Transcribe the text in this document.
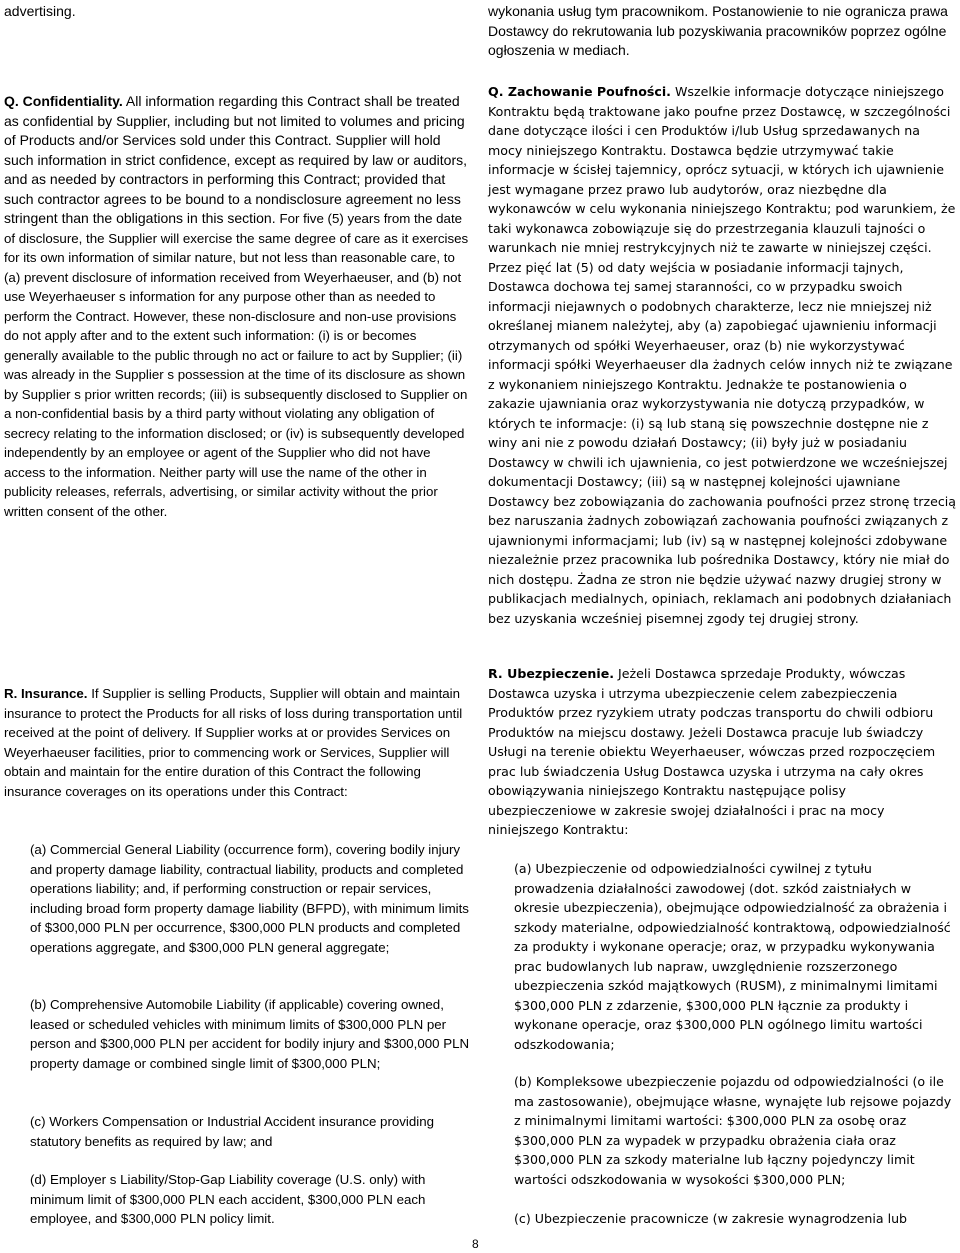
advertising.

Q. Confidentiality. All information regarding this Contract shall be treated as confidential by Supplier, including but not limited to volumes and pricing of Products and/or Services sold under this Contract. Supplier will hold such information in strict confidence, except as required by law or auditors, and as needed by contractors in performing this Contract; provided that such contractor agrees to be bound to a nondisclosure agreement no less stringent than the obligations in this section. For five (5) years from the date of disclosure, the Supplier will exercise the same degree of care as it exercises for its own information of similar nature, but not less than reasonable care, to (a) prevent disclosure of information received from Weyerhaeuser, and (b) not use Weyerhaeuser s information for any purpose other than as needed to perform the Contract. However, these non-disclosure and non-use provisions do not apply after and to the extent such information: (i) is or becomes generally available to the public through no act or failure to act by Supplier; (ii) was already in the Supplier s possession at the time of its disclosure as shown by Supplier s prior written records; (iii) is subsequently disclosed to Supplier on a non-confidential basis by a third party without violating any obligation of secrecy relating to the information disclosed; or (iv) is subsequently developed independently by an employee or agent of the Supplier who did not have access to the information. Neither party will use the name of the other in publicity releases, referrals, advertising, or similar activity without the prior written consent of the other.

R. Insurance. If Supplier is selling Products, Supplier will obtain and maintain insurance to protect the Products for all risks of loss during transportation until received at the point of delivery. If Supplier works at or provides Services on Weyerhaeuser facilities, prior to commencing work or Services, Supplier will obtain and maintain for the entire duration of this Contract the following insurance coverages on its operations under this Contract:

(a) Commercial General Liability (occurrence form), covering bodily injury and property damage liability, contractual liability, products and completed operations liability; and, if performing construction or repair services, including broad form property damage liability (BFPD), with minimum limits of $300,000 PLN per occurrence, $300,000 PLN products and completed operations aggregate, and $300,000 PLN general aggregate;

(b) Comprehensive Automobile Liability (if applicable) covering owned, leased or scheduled vehicles with minimum limits of $300,000 PLN per person and $300,000 PLN per accident for bodily injury and $300,000 PLN property damage or combined single limit of $300,000 PLN;

(c) Workers Compensation or Industrial Accident insurance providing statutory benefits as required by law; and

(d) Employer s Liability/Stop-Gap Liability coverage (U.S. only) with minimum limit of $300,000 PLN each accident, $300,000 PLN each employee, and $300,000 PLN policy limit.

wykonania usług tym pracownikom. Postanowienie to nie ogranicza prawa Dostawcy do rekrutowania lub pozyskiwania pracowników poprzez ogólne ogłoszenia w mediach.

Q. Zachowanie Poufności. Wszelkie informacje dotyczące niniejszego Kontraktu będą traktowane jako poufne przez Dostawcę, w szczególności dane dotyczące ilości i cen Produktów i/lub Usług sprzedawanych na mocy niniejszego Kontraktu. Dostawca będzie utrzymywać takie informacje w ścisłej tajemnicy, oprócz sytuacji, w których ich ujawnienie jest wymagane przez prawo lub audytorów, oraz niezbędne dla wykonawców w celu wykonania niniejszego Kontraktu; pod warunkiem, że taki wykonawca zobowiązuje się do przestrzegania klauzuli tajności o warunkach nie mniej restrykcyjnych niż te zawarte w niniejszej części. Przez pięć lat (5) od daty wejścia w posiadanie informacji tajnych, Dostawca dochowa tej samej staranności, co w przypadku swoich informacji niejawnych o podobnych charakterze, lecz nie mniejszej niż określanej mianem należytej, aby (a) zapobiegać ujawnieniu informacji otrzymanych od spółki Weyerhaeuser, oraz (b) nie wykorzystywać informacji spółki Weyerhaeuser dla żadnych celów innych niż te związane z wykonaniem niniejszego Kontraktu. Jednakże te postanowienia o zakazie ujawniania oraz wykorzystywania nie dotyczą przypadków, w których te informacje: (i) są lub staną się powszechnie dostępne nie z winy ani nie z powodu działań Dostawcy; (ii) były już w posiadaniu Dostawcy w chwili ich ujawnienia, co jest potwierdzone we wcześniejszej dokumentacji Dostawcy; (iii) są w następnej kolejności ujawniane Dostawcy bez zobowiązania do zachowania poufności przez stronę trzecią bez naruszania żadnych zobowiązań zachowania poufności związanych z ujawnionymi informacjami; lub (iv) są w następnej kolejności zdobywane niezależnie przez pracownika lub pośrednika Dostawcy, który nie miał do nich dostępu. Żadna ze stron nie będzie używać nazwy drugiej strony w publikacjach medialnych, opiniach, reklamach ani podobnych działaniach bez uzyskania wcześniej pisemnej zgody tej drugiej strony.

R. Ubezpieczenie. Jeżeli Dostawca sprzedaje Produkty, wówczas Dostawca uzyska i utrzyma ubezpieczenie celem zabezpieczenia Produktów przez ryzykiem utraty podczas transportu do chwili odbioru Produktów na miejscu dostawy. Jeżeli Dostawca pracuje lub świadczy Usługi na terenie obiektu Weyerhaeuser, wówczas przed rozpoczęciem prac lub świadczenia Usług Dostawca uzyska i utrzyma na cały okres obowiązywania niniejszego Kontraktu następujące polisy ubezpieczeniowe w zakresie swojej działalności i prac na mocy niniejszego Kontraktu:

(a) Ubezpieczenie od odpowiedzialności cywilnej z tytułu prowadzenia działalności zawodowej (dot. szkód zaistniałych w okresie ubezpieczenia), obejmujące odpowiedzialność za obrażenia i szkody materialne, odpowiedzialność kontraktową, odpowiedzialność za produkty i wykonane operacje; oraz, w przypadku wykonywania prac budowlanych lub napraw, uwzględnienie rozszerzonego ubezpieczenia szkód majątkowych (RUSM), z minimalnymi limitami $300,000 PLN z zdarzenie, $300,000 PLN łącznie za produkty i wykonane operacje, oraz $300,000 PLN ogólnego limitu wartości odszkodowania;

(b) Kompleksowe ubezpieczenie pojazdu od odpowiedzialności (o ile ma zastosowanie), obejmujące własne, wynajęte lub rejsowe pojazdy z minimalnymi limitami wartości: $300,000 PLN za osobę oraz $300,000 PLN za wypadek w przypadku obrażenia ciała oraz $300,000 PLN za szkody materialne lub łączny pojedynczy limit wartości odszkodowania w wysokości $300,000 PLN;

(c) Ubezpieczenie pracownicze (w zakresie wynagrodzenia lub

8
